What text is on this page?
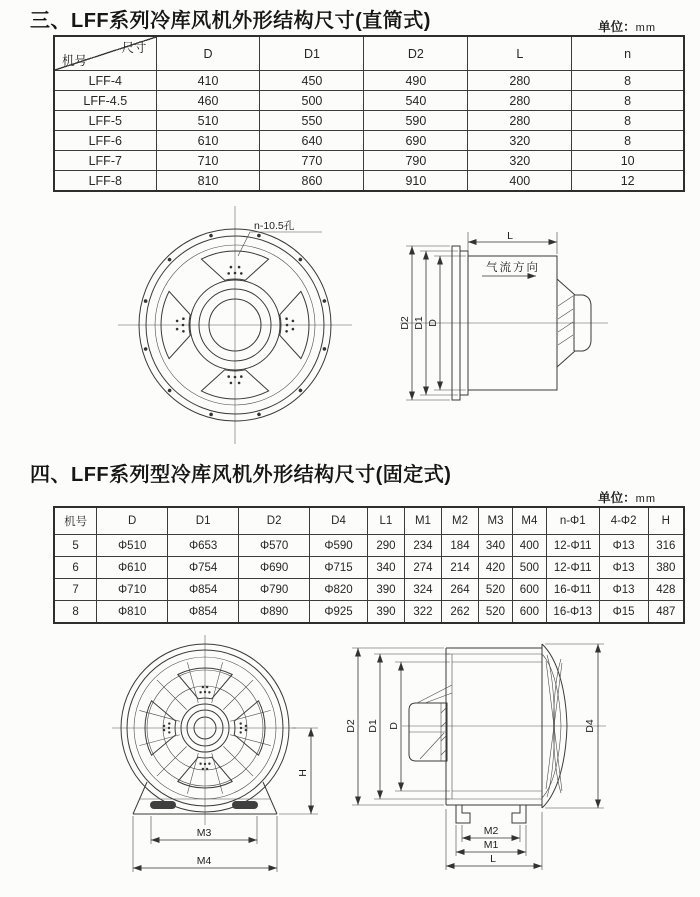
三、LFF系列冷库风机外形结构尺寸(直筒式)	单位：mm
尺寸
机号	D	D1	D2	L	n
LFF-4	410	450	490	280	8
LFF-4.5	460	500	540	280	8
LFF-5	510	550	590	280	8
LFF-6	610	640	690	320	8
LFF-7	710	770	790	320	10
LFF-8	810	860	910	400	12
n-10.5孔
气流方向
L
D2 D1 D
四、LFF系列型冷库风机外形结构尺寸(固定式)
单位：mm
机号	D	D1	D2	D4	L1	M1	M2	M3	M4	n-Φ1	4-Φ2	H
5	Φ510	Φ653	Φ570	Φ590	290	234	184	340	400	12-Φ11	Φ13	316
6	Φ610	Φ754	Φ690	Φ715	340	274	214	420	500	12-Φ11	Φ13	380
7	Φ710	Φ854	Φ790	Φ820	390	324	264	520	600	16-Φ11	Φ13	428
8	Φ810	Φ854	Φ890	Φ925	390	322	262	520	600	16-Φ13	Φ15	487
H
M3
M4
D2 D1 D	D4
M2
M1
L
